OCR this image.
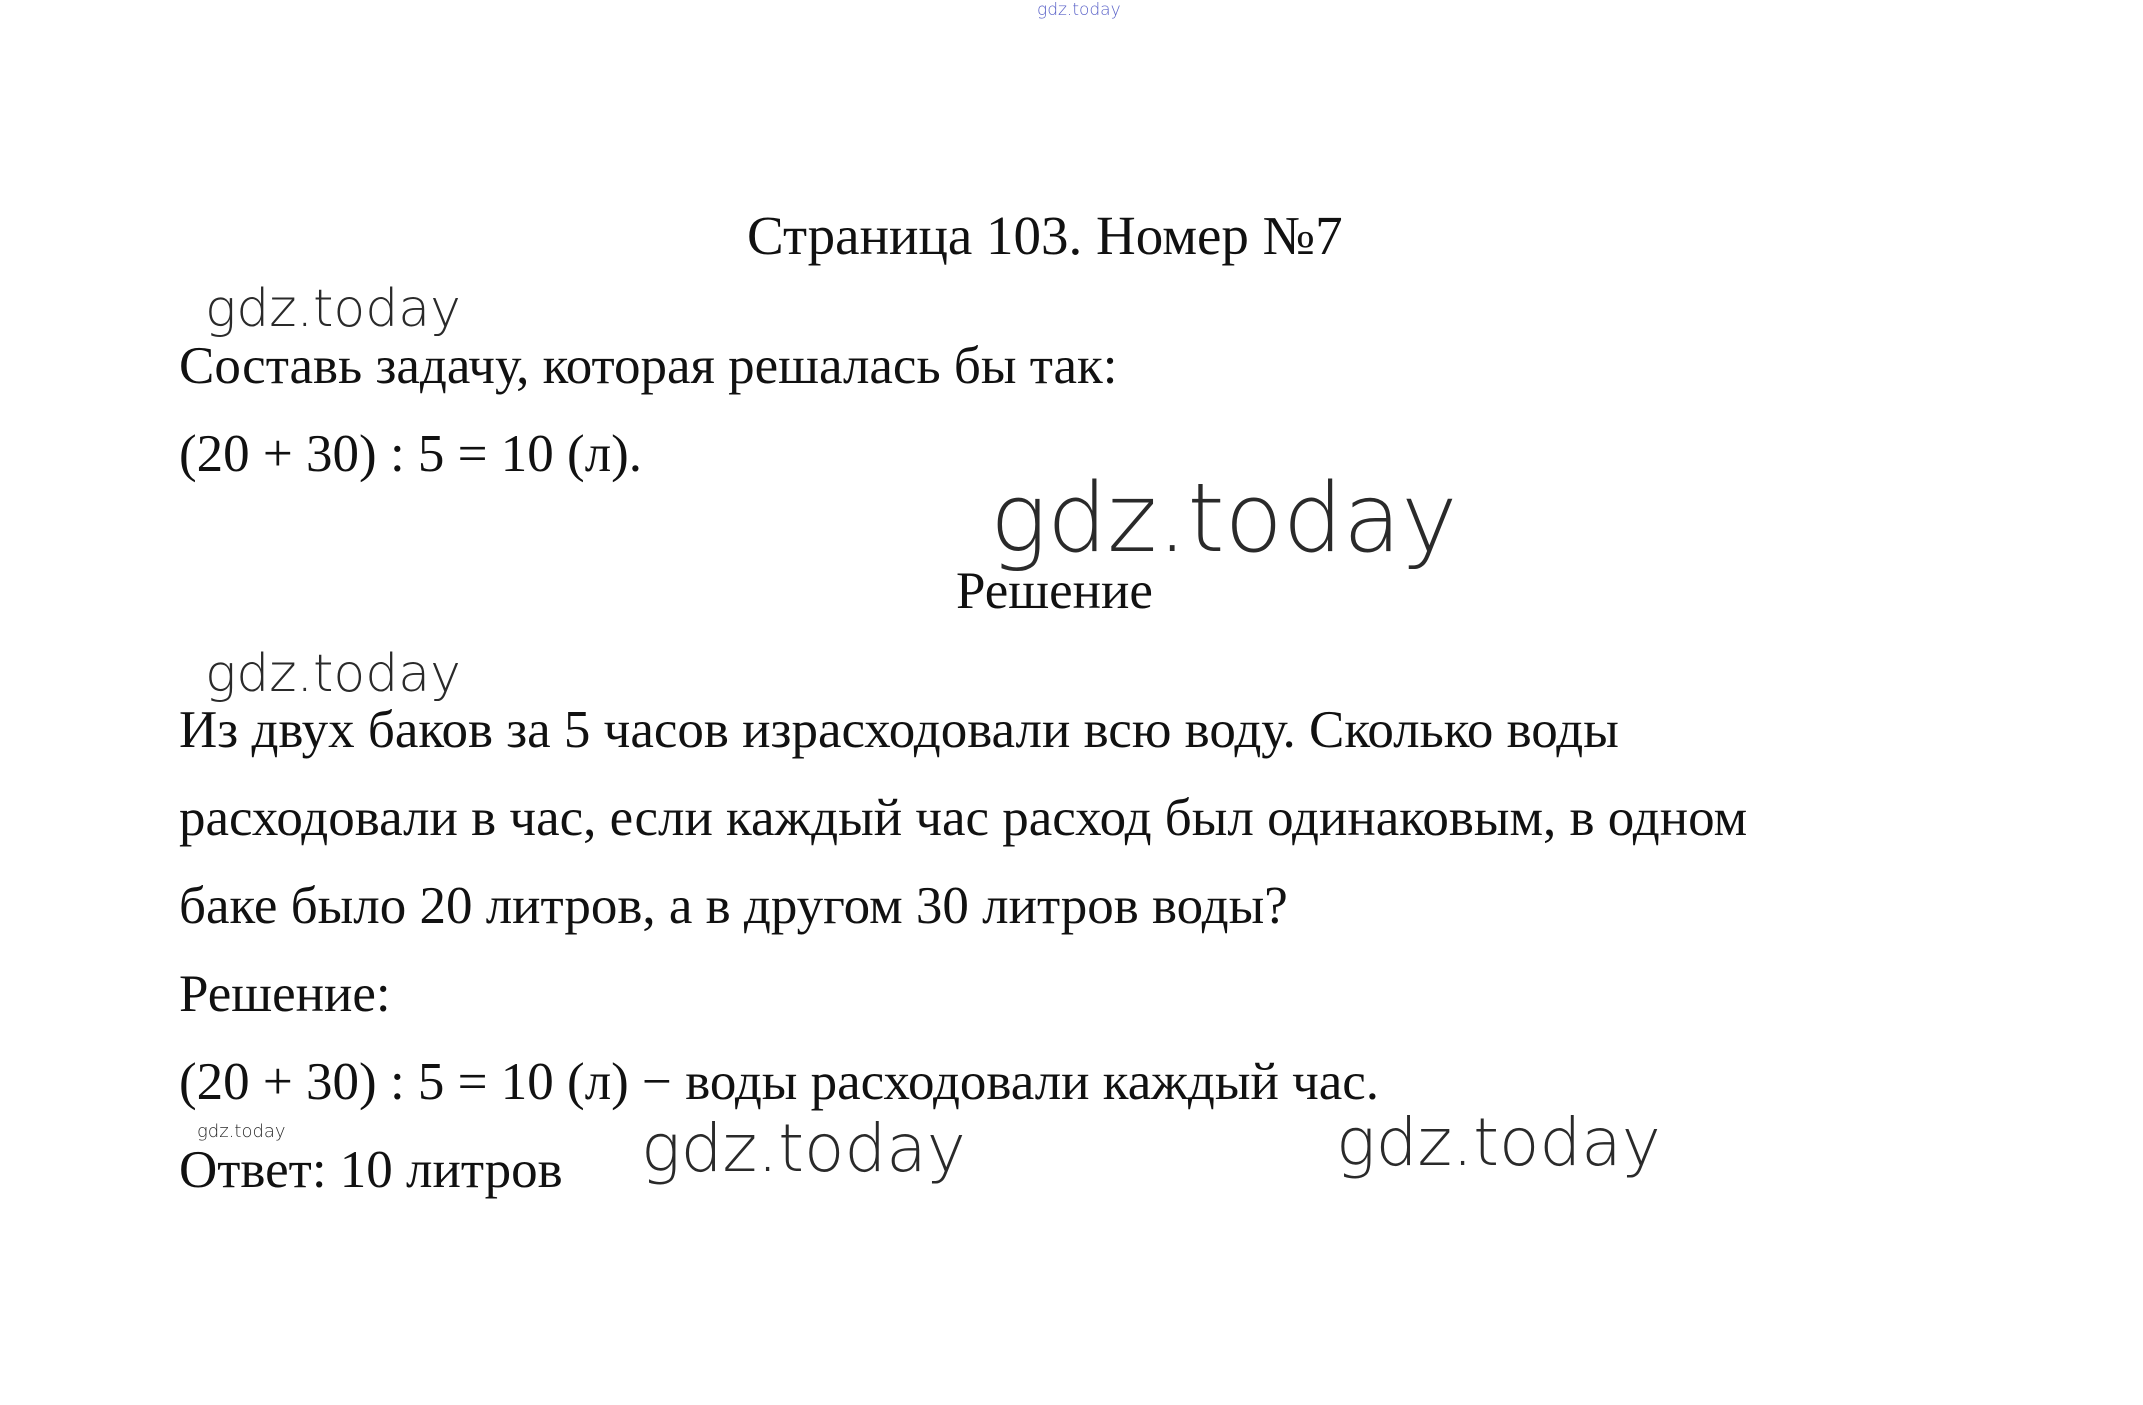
gdz.today
Страница 103. Номер №7
gdz.today
Составь задачу, которая решалась бы так:
(20 + 30) : 5 = 10 (л).
gdz.today
Решение
gdz.today
Из двух баков за 5 часов израсходовали всю воду. Сколько воды
расходовали в час, если каждый час расход был одинаковым, в одном
баке было 20 литров, а в другом 30 литров воды?
Решение:
(20 + 30) : 5 = 10 (л) − воды расходовали каждый час.
gdz.today
Ответ: 10 литров gdz.today	gdz.today
